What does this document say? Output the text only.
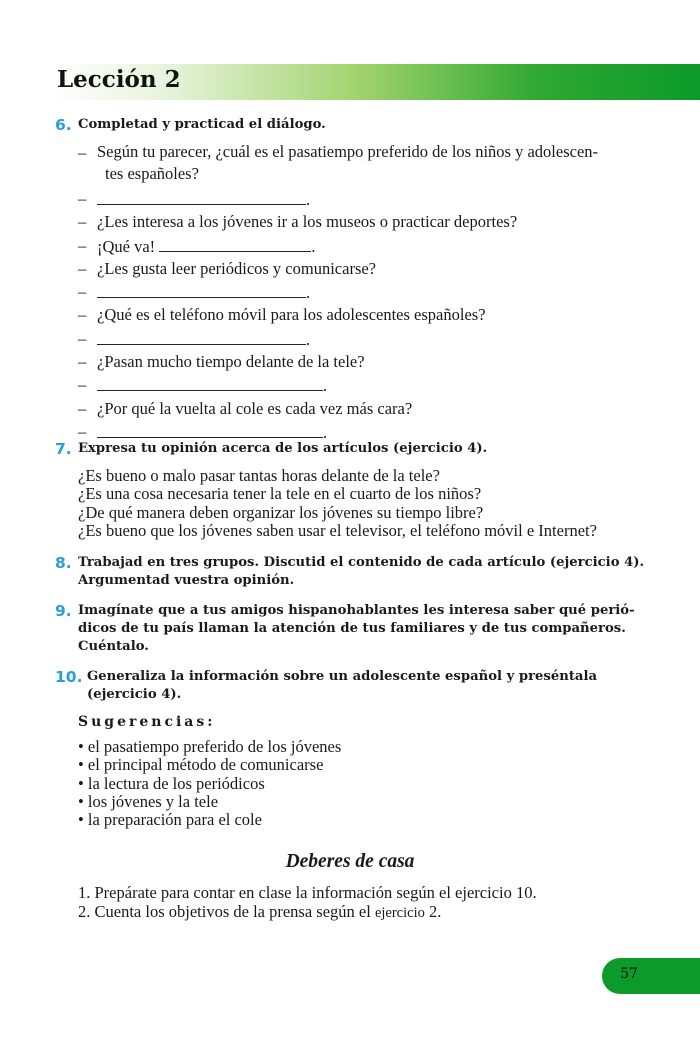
Lección 2
6. Completad y practicad el diálogo.
– Según tu parecer, ¿cuál es el pasatiempo preferido de los niños y adolescen-
tes españoles?
–	.
– ¿Les interesa a los jóvenes ir a los museos o practicar deportes?
– ¡Qué va!	.
– ¿Les gusta leer periódicos y comunicarse?
–	.
– ¿Qué es el teléfono móvil para los adolescentes españoles?
–	.
– ¿Pasan mucho tiempo delante de la tele?
–	.
– ¿Por qué la vuelta al cole es cada vez más cara?
–	.
7. Expresa tu opinión acerca de los artículos (ejercicio 4).
¿Es bueno o malo pasar tantas horas delante de la tele?
¿Es una cosa necesaria tener la tele en el cuarto de los niños?
¿De qué manera deben organizar los jóvenes su tiempo libre?
¿Es bueno que los jóvenes saben usar el televisor, el teléfono móvil e Internet?
8. Trabajad en tres grupos. Discutid el contenido de cada artículo (ejercicio 4).
Argumentad vuestra opinión.
9. Imagínate que a tus amigos hispanohablantes les interesa saber qué perió-
dicos de tu país llaman la atención de tus familiares y de tus compañeros.
Cuéntalo.
10. Generaliza la información sobre un adolescente español y preséntala
(ejercicio 4).
Sugerencias:
• el pasatiempo preferido de los jóvenes
• el principal método de comunicarse
• la lectura de los periódicos
• los jóvenes y la tele
• la preparación para el cole
Deberes de casa
1. Prepárate para contar en clase la información según el ejercicio 10.
2. Cuenta los objetivos de la prensa según el ejercicio 2.
57
